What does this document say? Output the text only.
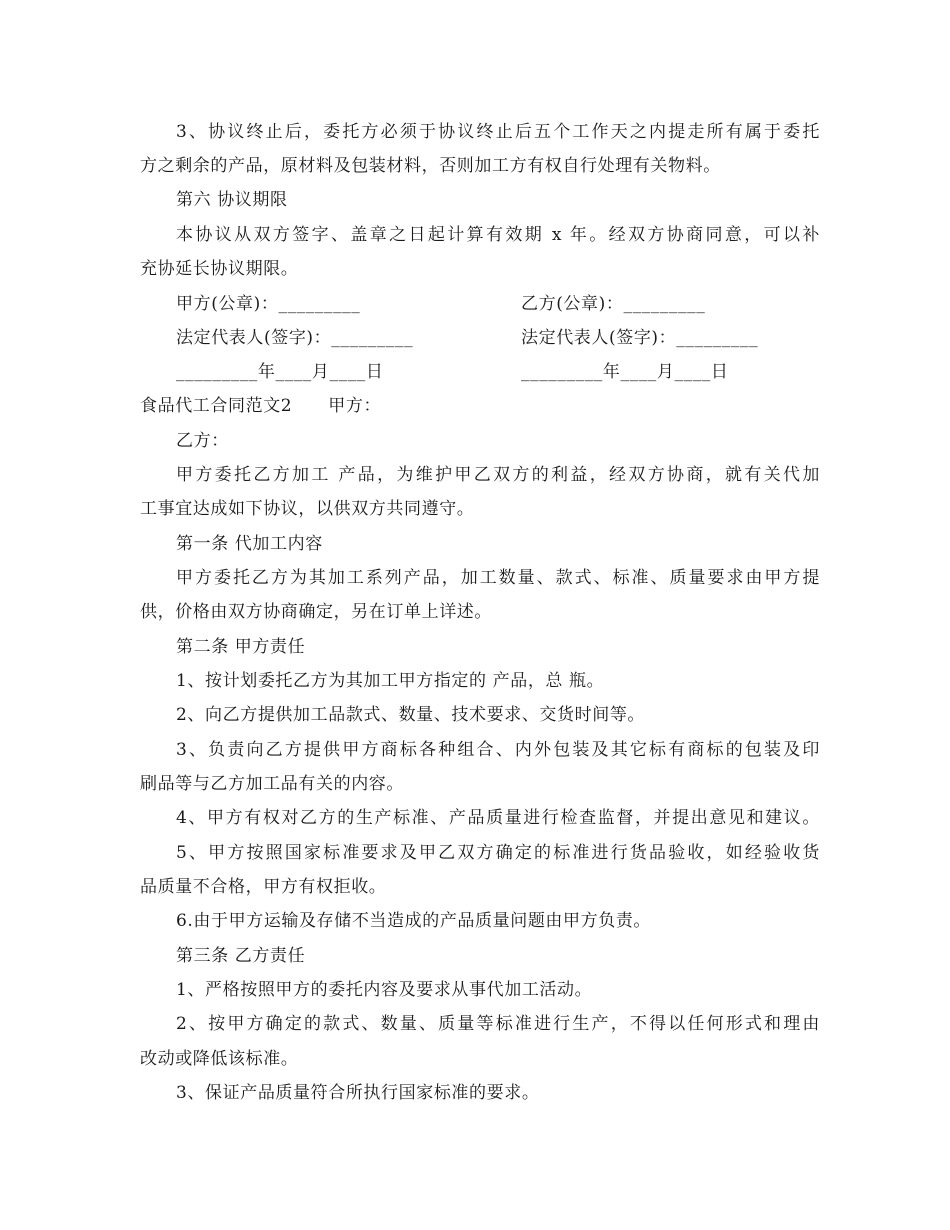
3、协议终止后，委托方必须于协议终止后五个工作天之内提走所有属于委托
方之剩余的产品，原材料及包装材料，否则加工方有权自行处理有关物料。
第六 协议期限
本协议从双方签字、盖章之日起计算有效期 x 年。经双方协商同意，可以补
充协延长协议期限。
甲方(公章)：_________	乙方(公章)：_________
法定代表人(签字)：_________	法定代表人(签字)：_________
_________年____月____日	_________年____月____日
食品代工合同范文2      甲方：
乙方：
甲方委托乙方加工 产品，为维护甲乙双方的利益，经双方协商，就有关代加
工事宜达成如下协议，以供双方共同遵守。
第一条 代加工内容
甲方委托乙方为其加工系列产品，加工数量、款式、标准、质量要求由甲方提
供，价格由双方协商确定，另在订单上详述。
第二条 甲方责任
1、按计划委托乙方为其加工甲方指定的 产品，总 瓶。
2、向乙方提供加工品款式、数量、技术要求、交货时间等。
3、负责向乙方提供甲方商标各种组合、内外包装及其它标有商标的包装及印
刷品等与乙方加工品有关的内容。
4、甲方有权对乙方的生产标准、产品质量进行检查监督，并提出意见和建议。
5、甲方按照国家标准要求及甲乙双方确定的标准进行货品验收，如经验收货
品质量不合格，甲方有权拒收。
6.由于甲方运输及存储不当造成的产品质量问题由甲方负责。
第三条 乙方责任
1、严格按照甲方的委托内容及要求从事代加工活动。
2、按甲方确定的款式、数量、质量等标准进行生产，不得以任何形式和理由
改动或降低该标准。
3、保证产品质量符合所执行国家标准的要求。
